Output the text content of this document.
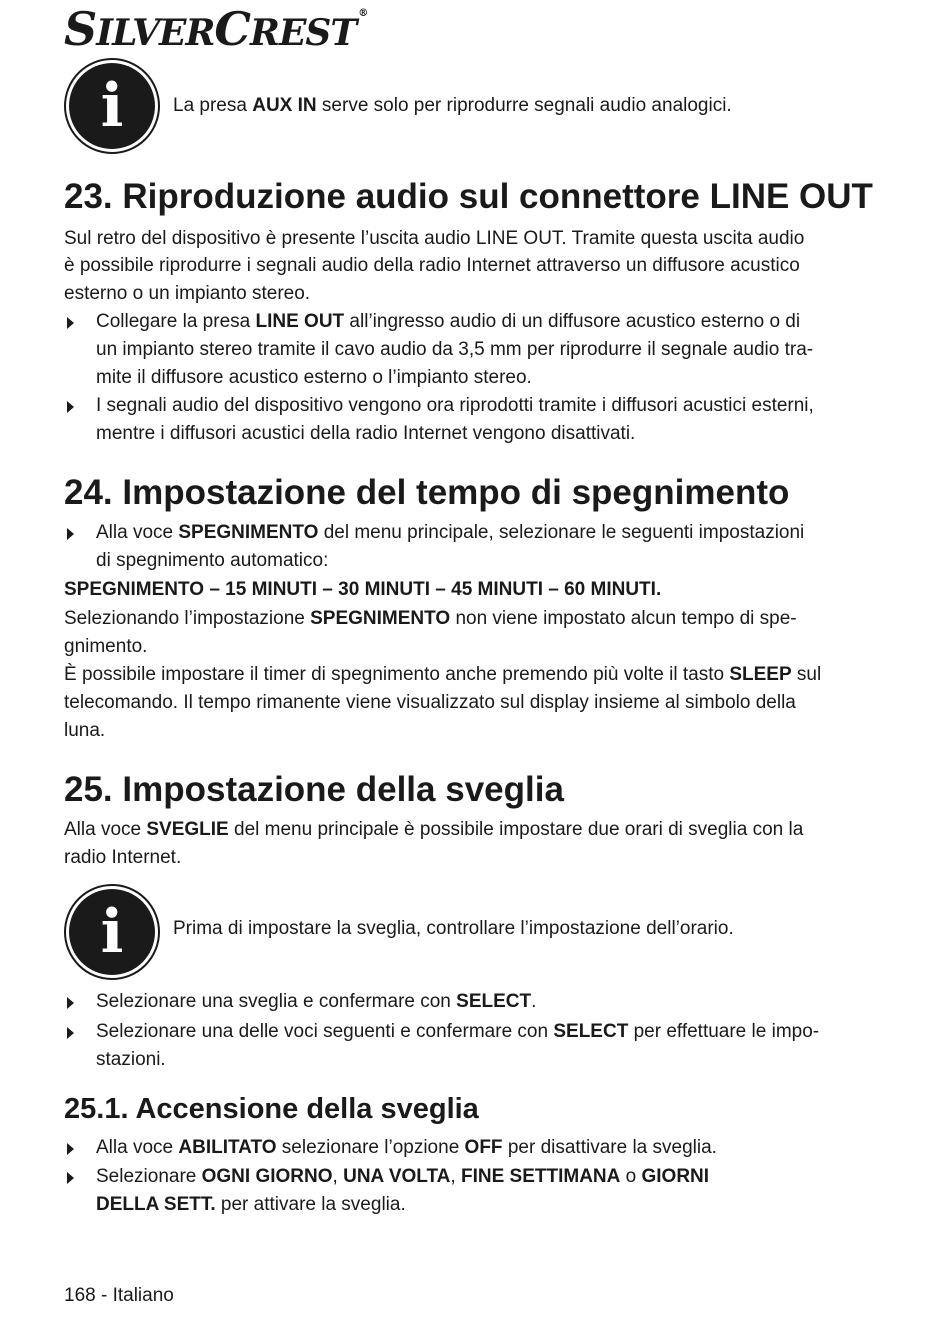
SILVERCREST ®
i	La presa AUX IN serve solo per riprodurre segnali audio analogici.
23. Riproduzione audio sul connettore LINE OUT
Sul retro del dispositivo è presente l’uscita audio LINE OUT. Tramite questa uscita audio
è possibile riprodurre i segnali audio della radio Internet attraverso un diffusore acustico
esterno o un impianto stereo.
Collegare la presa LINE OUT all’ingresso audio di un diffusore acustico esterno o di
un impianto stereo tramite il cavo audio da 3,5 mm per riprodurre il segnale audio tra-
mite il diffusore acustico esterno o l’impianto stereo.
I segnali audio del dispositivo vengono ora riprodotti tramite i diffusori acustici esterni,
mentre i diffusori acustici della radio Internet vengono disattivati.
24. Impostazione del tempo di spegnimento
Alla voce SPEGNIMENTO del menu principale, selezionare le seguenti impostazioni
di spegnimento automatico:
SPEGNIMENTO – 15 MINUTI – 30 MINUTI – 45 MINUTI – 60 MINUTI.
Selezionando l’impostazione SPEGNIMENTO non viene impostato alcun tempo di spe-
gnimento.
È possibile impostare il timer di spegnimento anche premendo più volte il tasto SLEEP sul
telecomando. Il tempo rimanente viene visualizzato sul display insieme al simbolo della
luna.
25. Impostazione della sveglia
Alla voce SVEGLIE del menu principale è possibile impostare due orari di sveglia con la
radio Internet.
i	Prima di impostare la sveglia, controllare l’impostazione dell’orario.
Selezionare una sveglia e confermare con SELECT.
Selezionare una delle voci seguenti e confermare con SELECT per effettuare le impo-
stazioni.
25.1. Accensione della sveglia
Alla voce ABILITATO selezionare l’opzione OFF per disattivare la sveglia.
Selezionare OGNI GIORNO, UNA VOLTA, FINE SETTIMANA o GIORNI
DELLA SETT. per attivare la sveglia.
168 - Italiano
